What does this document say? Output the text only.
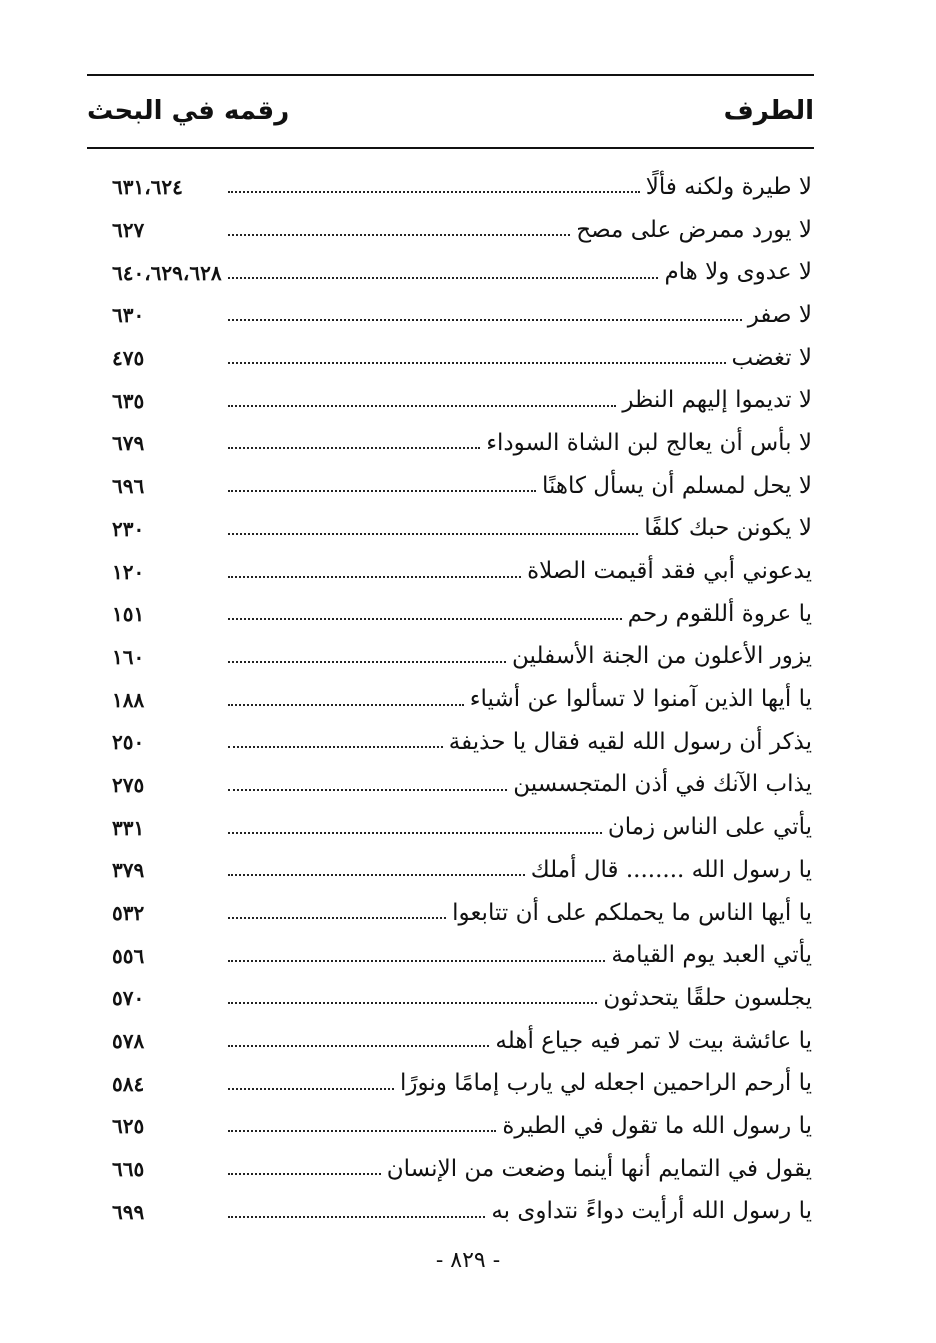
الطرف
رقمه في البحث
لا طيرة ولكنه فألًا
٦٣١،٦٢٤
لا يورد ممرض على مصح
٦٢٧
لا عدوى ولا هام
٦٤٠،٦٢٩،٦٢٨
لا صفر
٦٣٠
لا تغضب
٤٧٥
لا تديموا إليهم النظر
٦٣٥
لا بأس أن يعالج لبن الشاة السوداء
٦٧٩
لا يحل لمسلم أن يسأل كاهنًا
٦٩٦
لا يكونن حبك كلفًا
٢٣٠
يدعوني أبي فقد أقيمت الصلاة
١٢٠
يا عروة أللقوم رحم
١٥١
يزور الأعلون من الجنة الأسفلين
١٦٠
يا أيها الذين آمنوا لا تسألوا عن أشياء
١٨٨
يذكر أن رسول الله لقيه فقال يا حذيفة
٢٥٠
يذاب الآنك في أذن المتجسسين
٢٧٥
يأتي على الناس زمان
٣٣١
يا رسول الله ........ قال أملك
٣٧٩
يا أيها الناس ما يحملكم على أن تتابعوا
٥٣٢
يأتي العبد يوم القيامة
٥٥٦
يجلسون حلقًا يتحدثون
٥٧٠
يا عائشة بيت لا تمر فيه جياع أهله
٥٧٨
يا أرحم الراحمين اجعله لي يارب إمامًا ونورًا
٥٨٤
يا رسول الله ما تقول في الطيرة
٦٢٥
يقول في التمايم أنها أينما وضعت من الإنسان
٦٦٥
يا رسول الله أرأيت دواءً نتداوى به
٦٩٩
- ٨٢٩ -
